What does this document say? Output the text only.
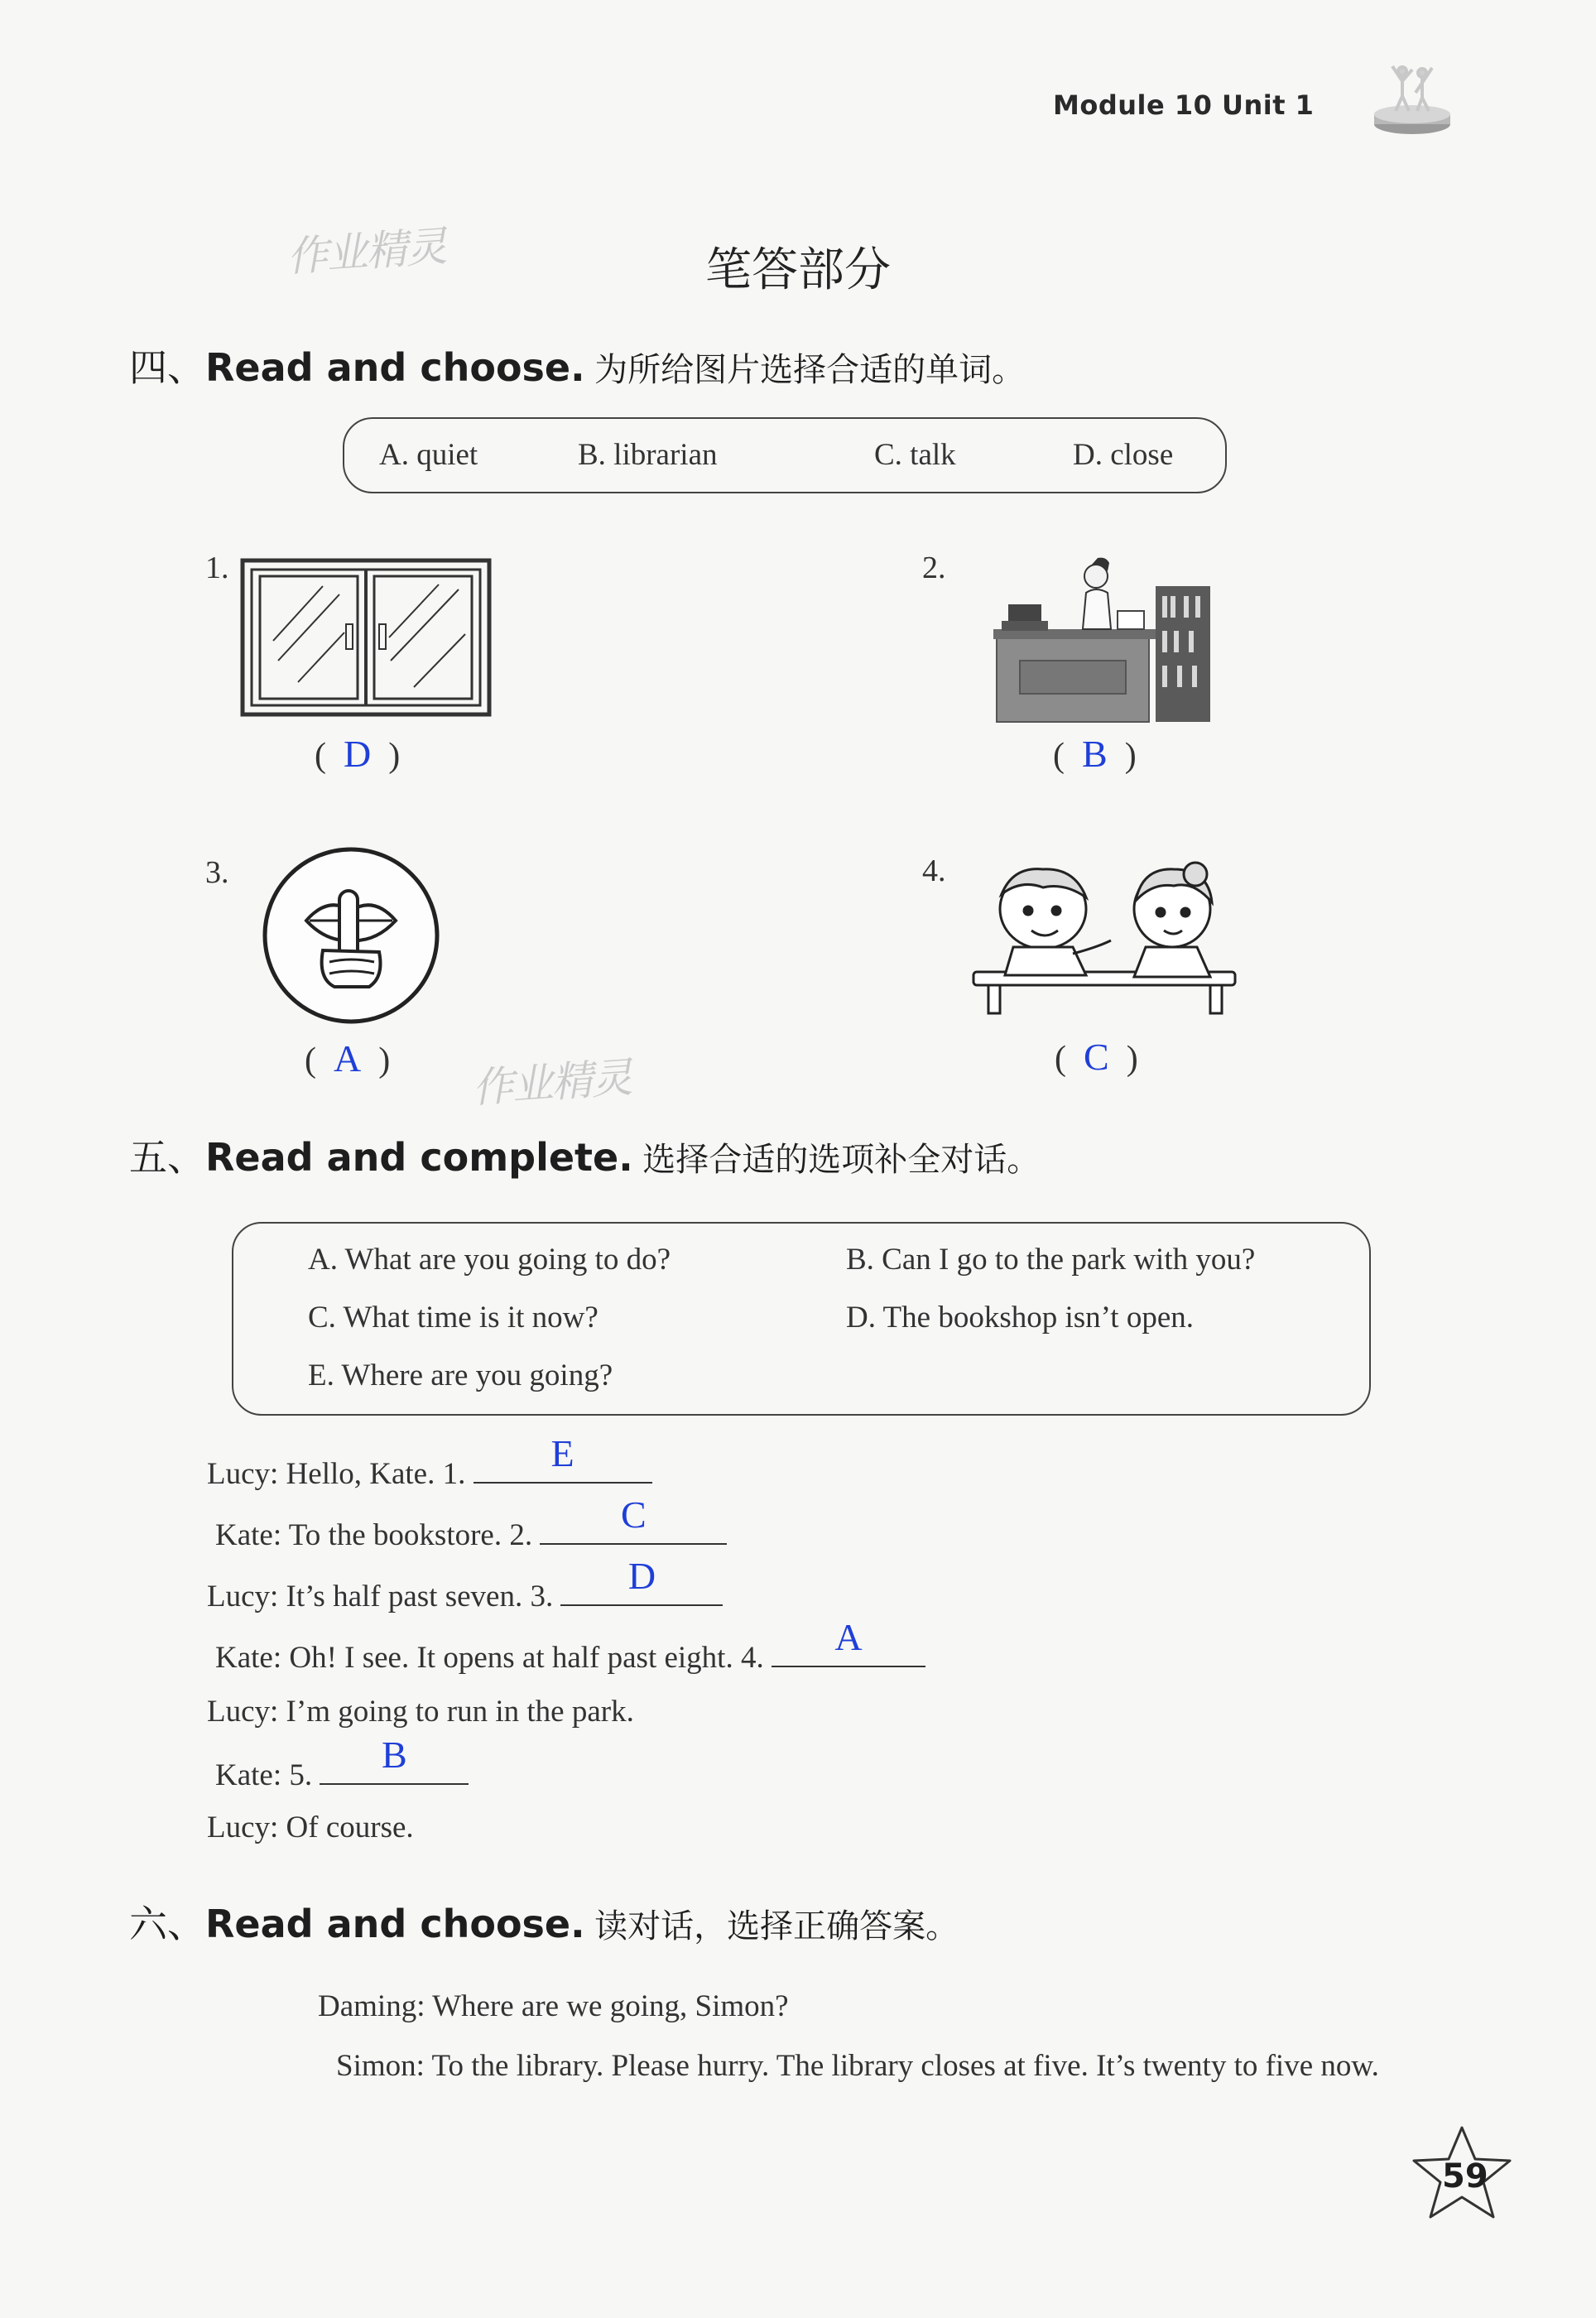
Module 10 Unit 1
作业精灵
作业精灵
笔答部分
四、Read and choose. 为所给图片选择合适的单词。
A. quiet	B. librarian	C. talk	D. close
1.
(  D  )
2.
(  B  )
3.
(  A  )
4.
(  C  )
五、Read and complete. 选择合适的选项补全对话。
A. What are you going to do?	B. Can I go to the park with you?
C. What time is it now?	D. The bookshop isn’t open.
E. Where are you going?
Lucy: Hello, Kate. 1.	E
Kate: To the bookstore. 2.	C
Lucy: It’s half past seven. 3.	D
Kate: Oh! I see. It opens at half past eight. 4.	A
Lucy: I’m going to run in the park.
Kate: 5.	B
Lucy: Of course.
六、Read and choose. 读对话，选择正确答案。
Daming: Where are we going, Simon?
Simon: To the library. Please hurry. The library closes at five. It’s twenty to five now.
59
